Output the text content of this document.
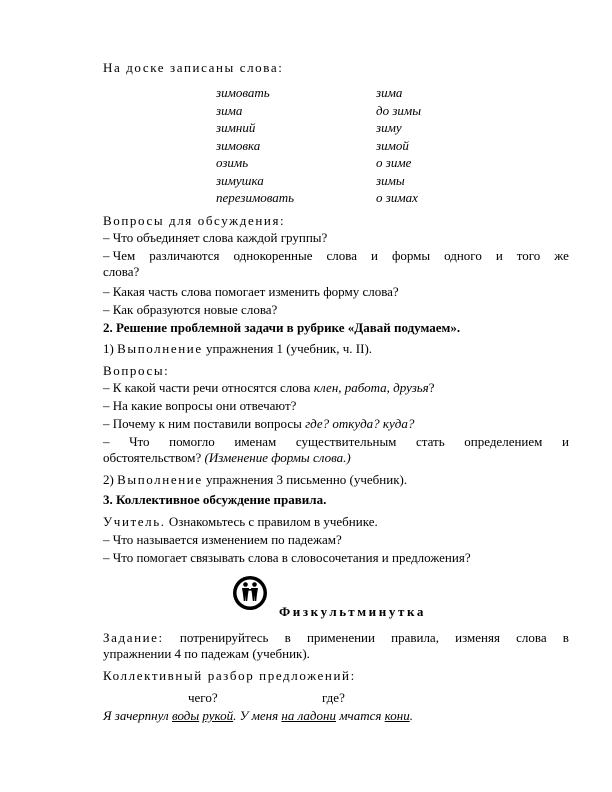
На доске записаны слова:
зимовать
зима
зимний
зимовка
озимь
зимушка
перезимовать
зима
до зимы
зиму
зимой
о зиме
зимы
о зимах
Вопросы для обсуждения:
– Что объединяет слова каждой группы?
– Чем различаются однокоренные слова и формы одного и того же
слова?
– Какая часть слова помогает изменить форму слова?
– Как образуются новые слова?
2. Решение проблемной задачи в рубрике «Давай подумаем».
1) Выполнение упражнения 1 (учебник, ч. II).
Вопросы:
– К какой части речи относятся слова клен, работа, друзья?
– На какие вопросы они отвечают?
– Почему к ним поставили вопросы где? откуда? куда?
– Что помогло именам существительным стать определением и
обстоятельством? (Изменение формы слова.)
2) Выполнение упражнения 3 письменно (учебник).
3. Коллективное обсуждение правила.
Учитель. Ознакомьтесь с правилом в учебнике.
– Что называется изменением по падежам?
– Что помогает связывать слова в словосочетания и предложения?
Физкультминутка
Задание: потренируйтесь в применении правила, изменяя слова в
упражнении 4 по падежам (учебник).
Коллективный разбор предложений:
чего?	где?
Я зачерпнул воды рукой. У меня на ладони мчатся кони.
